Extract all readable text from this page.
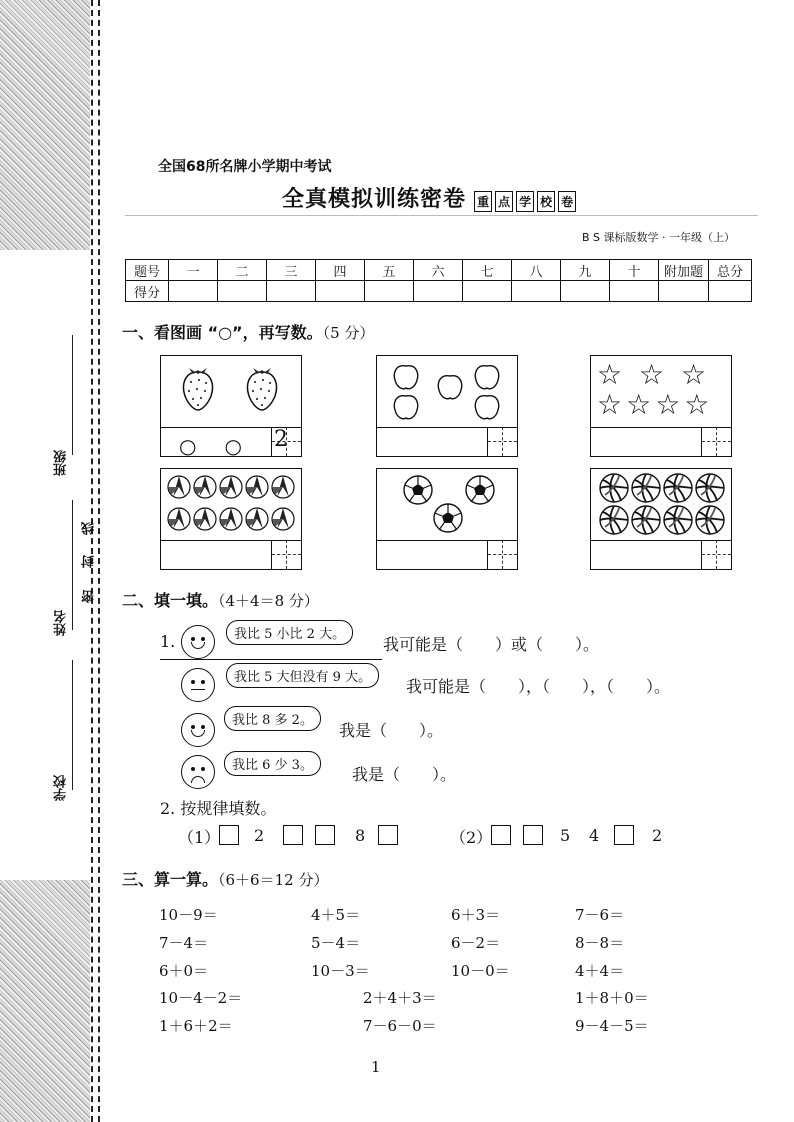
班级
姓名
学校
密
封
线
全国68所名牌小学期中考试
全真模拟训练密卷 重 点 学 校 卷
B S 课标版数学 · 一年级（上）
题号	一	二	三	四	五	六	七	八	九	十	附加题	总分
得分												
一、看图画 “○”，再写数。（5 分）
○　○ 2
☆ ☆ ☆
☆☆☆☆
二、填一填。（4＋4＝8 分）
1.	我比 5 小比 2 大。
我可能是（　　）或（　　）。
我比 5 大但没有 9 大。	我可能是（　　），（　　），（　　）。
我比 8 多 2。
我是（　　）。
我比 6 少 3。	我是（　　）。
2. 按规律填数。
（1） 2	8	（2）	5 4	2
三、算一算。（6＋6＝12 分）
10－9＝	4＋5＝	6＋3＝	7－6＝
7－4＝	5－4＝	6－2＝	8－8＝
6＋0＝	10－3＝	10－0＝	4＋4＝
10－4－2＝	2＋4＋3＝	1＋8＋0＝
1＋6＋2＝	7－6－0＝	9－4－5＝
1
